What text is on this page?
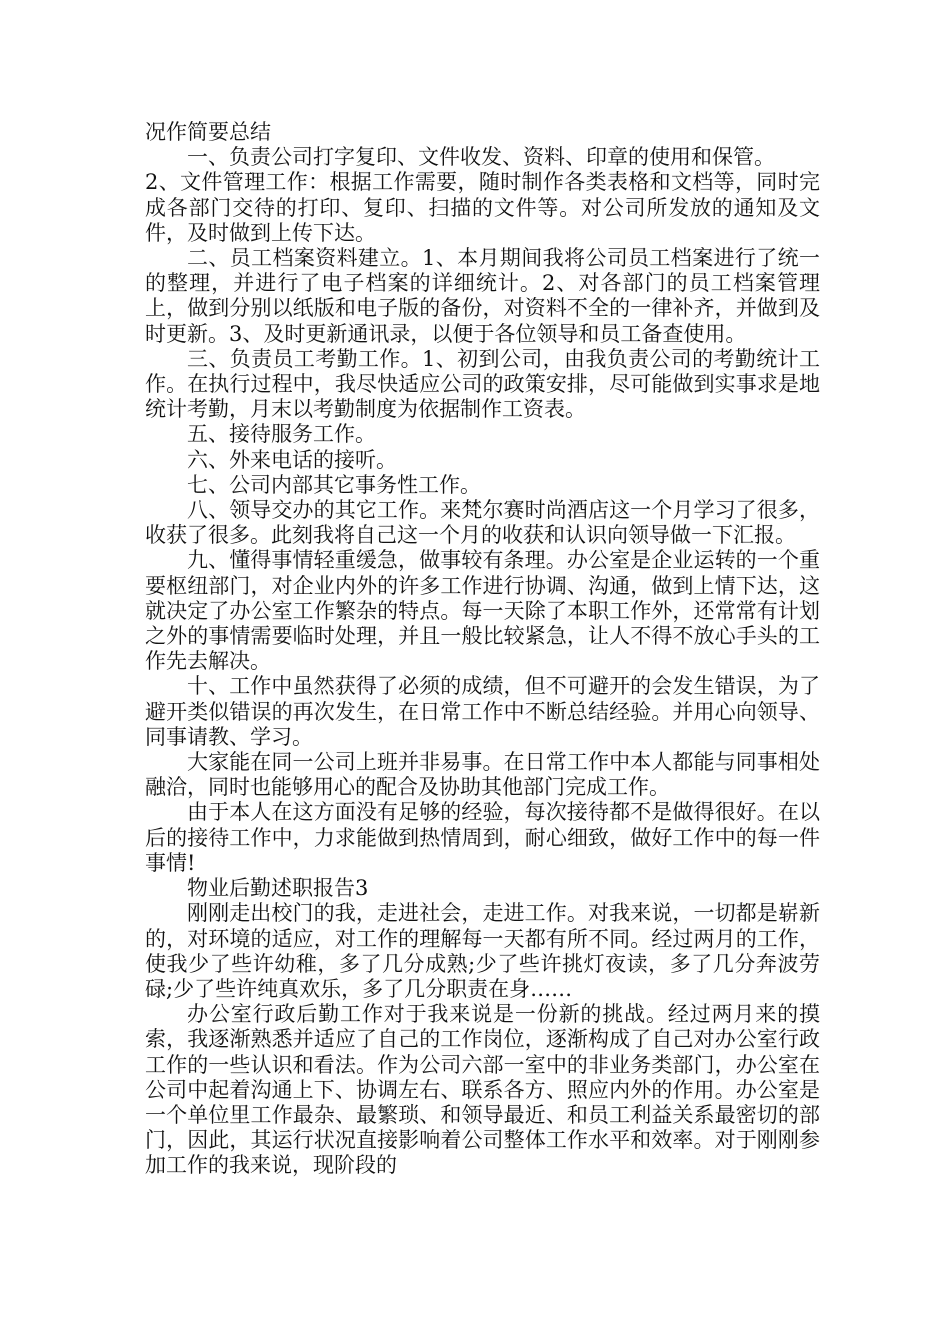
况作简要总结

一、负责公司打字复印、文件收发、资料、印章的使用和保管。

2、文件管理工作：根据工作需要，随时制作各类表格和文档等，同时完成各部门交待的打印、复印、扫描的文件等。对公司所发放的通知及文件，及时做到上传下达。

二、员工档案资料建立。1、本月期间我将公司员工档案进行了统一的整理，并进行了电子档案的详细统计。2、对各部门的员工档案管理上，做到分别以纸版和电子版的备份，对资料不全的一律补齐，并做到及时更新。3、及时更新通讯录，以便于各位领导和员工备查使用。

三、负责员工考勤工作。1、初到公司，由我负责公司的考勤统计工作。在执行过程中，我尽快适应公司的政策安排，尽可能做到实事求是地统计考勤，月末以考勤制度为依据制作工资表。

五、接待服务工作。

六、外来电话的接听。

七、公司内部其它事务性工作。

八、领导交办的其它工作。来梵尔赛时尚酒店这一个月学习了很多，收获了很多。此刻我将自己这一个月的收获和认识向领导做一下汇报。

九、懂得事情轻重缓急，做事较有条理。办公室是企业运转的一个重要枢纽部门，对企业内外的许多工作进行协调、沟通，做到上情下达，这就决定了办公室工作繁杂的特点。每一天除了本职工作外，还常常有计划之外的事情需要临时处理，并且一般比较紧急，让人不得不放心手头的工作先去解决。

十、工作中虽然获得了必须的成绩，但不可避开的会发生错误，为了避开类似错误的再次发生，在日常工作中不断总结经验。并用心向领导、同事请教、学习。

大家能在同一公司上班并非易事。在日常工作中本人都能与同事相处融洽，同时也能够用心的配合及协助其他部门完成工作。

由于本人在这方面没有足够的经验，每次接待都不是做得很好。在以后的接待工作中，力求能做到热情周到，耐心细致，做好工作中的每一件事情!

物业后勤述职报告3

刚刚走出校门的我，走进社会，走进工作。对我来说，一切都是崭新的，对环境的适应，对工作的理解每一天都有所不同。经过两月的工作，使我少了些许幼稚，多了几分成熟;少了些许挑灯夜读，多了几分奔波劳碌;少了些许纯真欢乐，多了几分职责在身……

办公室行政后勤工作对于我来说是一份新的挑战。经过两月来的摸索，我逐渐熟悉并适应了自己的工作岗位，逐渐构成了自己对办公室行政工作的一些认识和看法。作为公司六部一室中的非业务类部门，办公室在公司中起着沟通上下、协调左右、联系各方、照应内外的作用。办公室是一个单位里工作最杂、最繁琐、和领导最近、和员工利益关系最密切的部门，因此，其运行状况直接影响着公司整体工作水平和效率。对于刚刚参加工作的我来说，现阶段的
